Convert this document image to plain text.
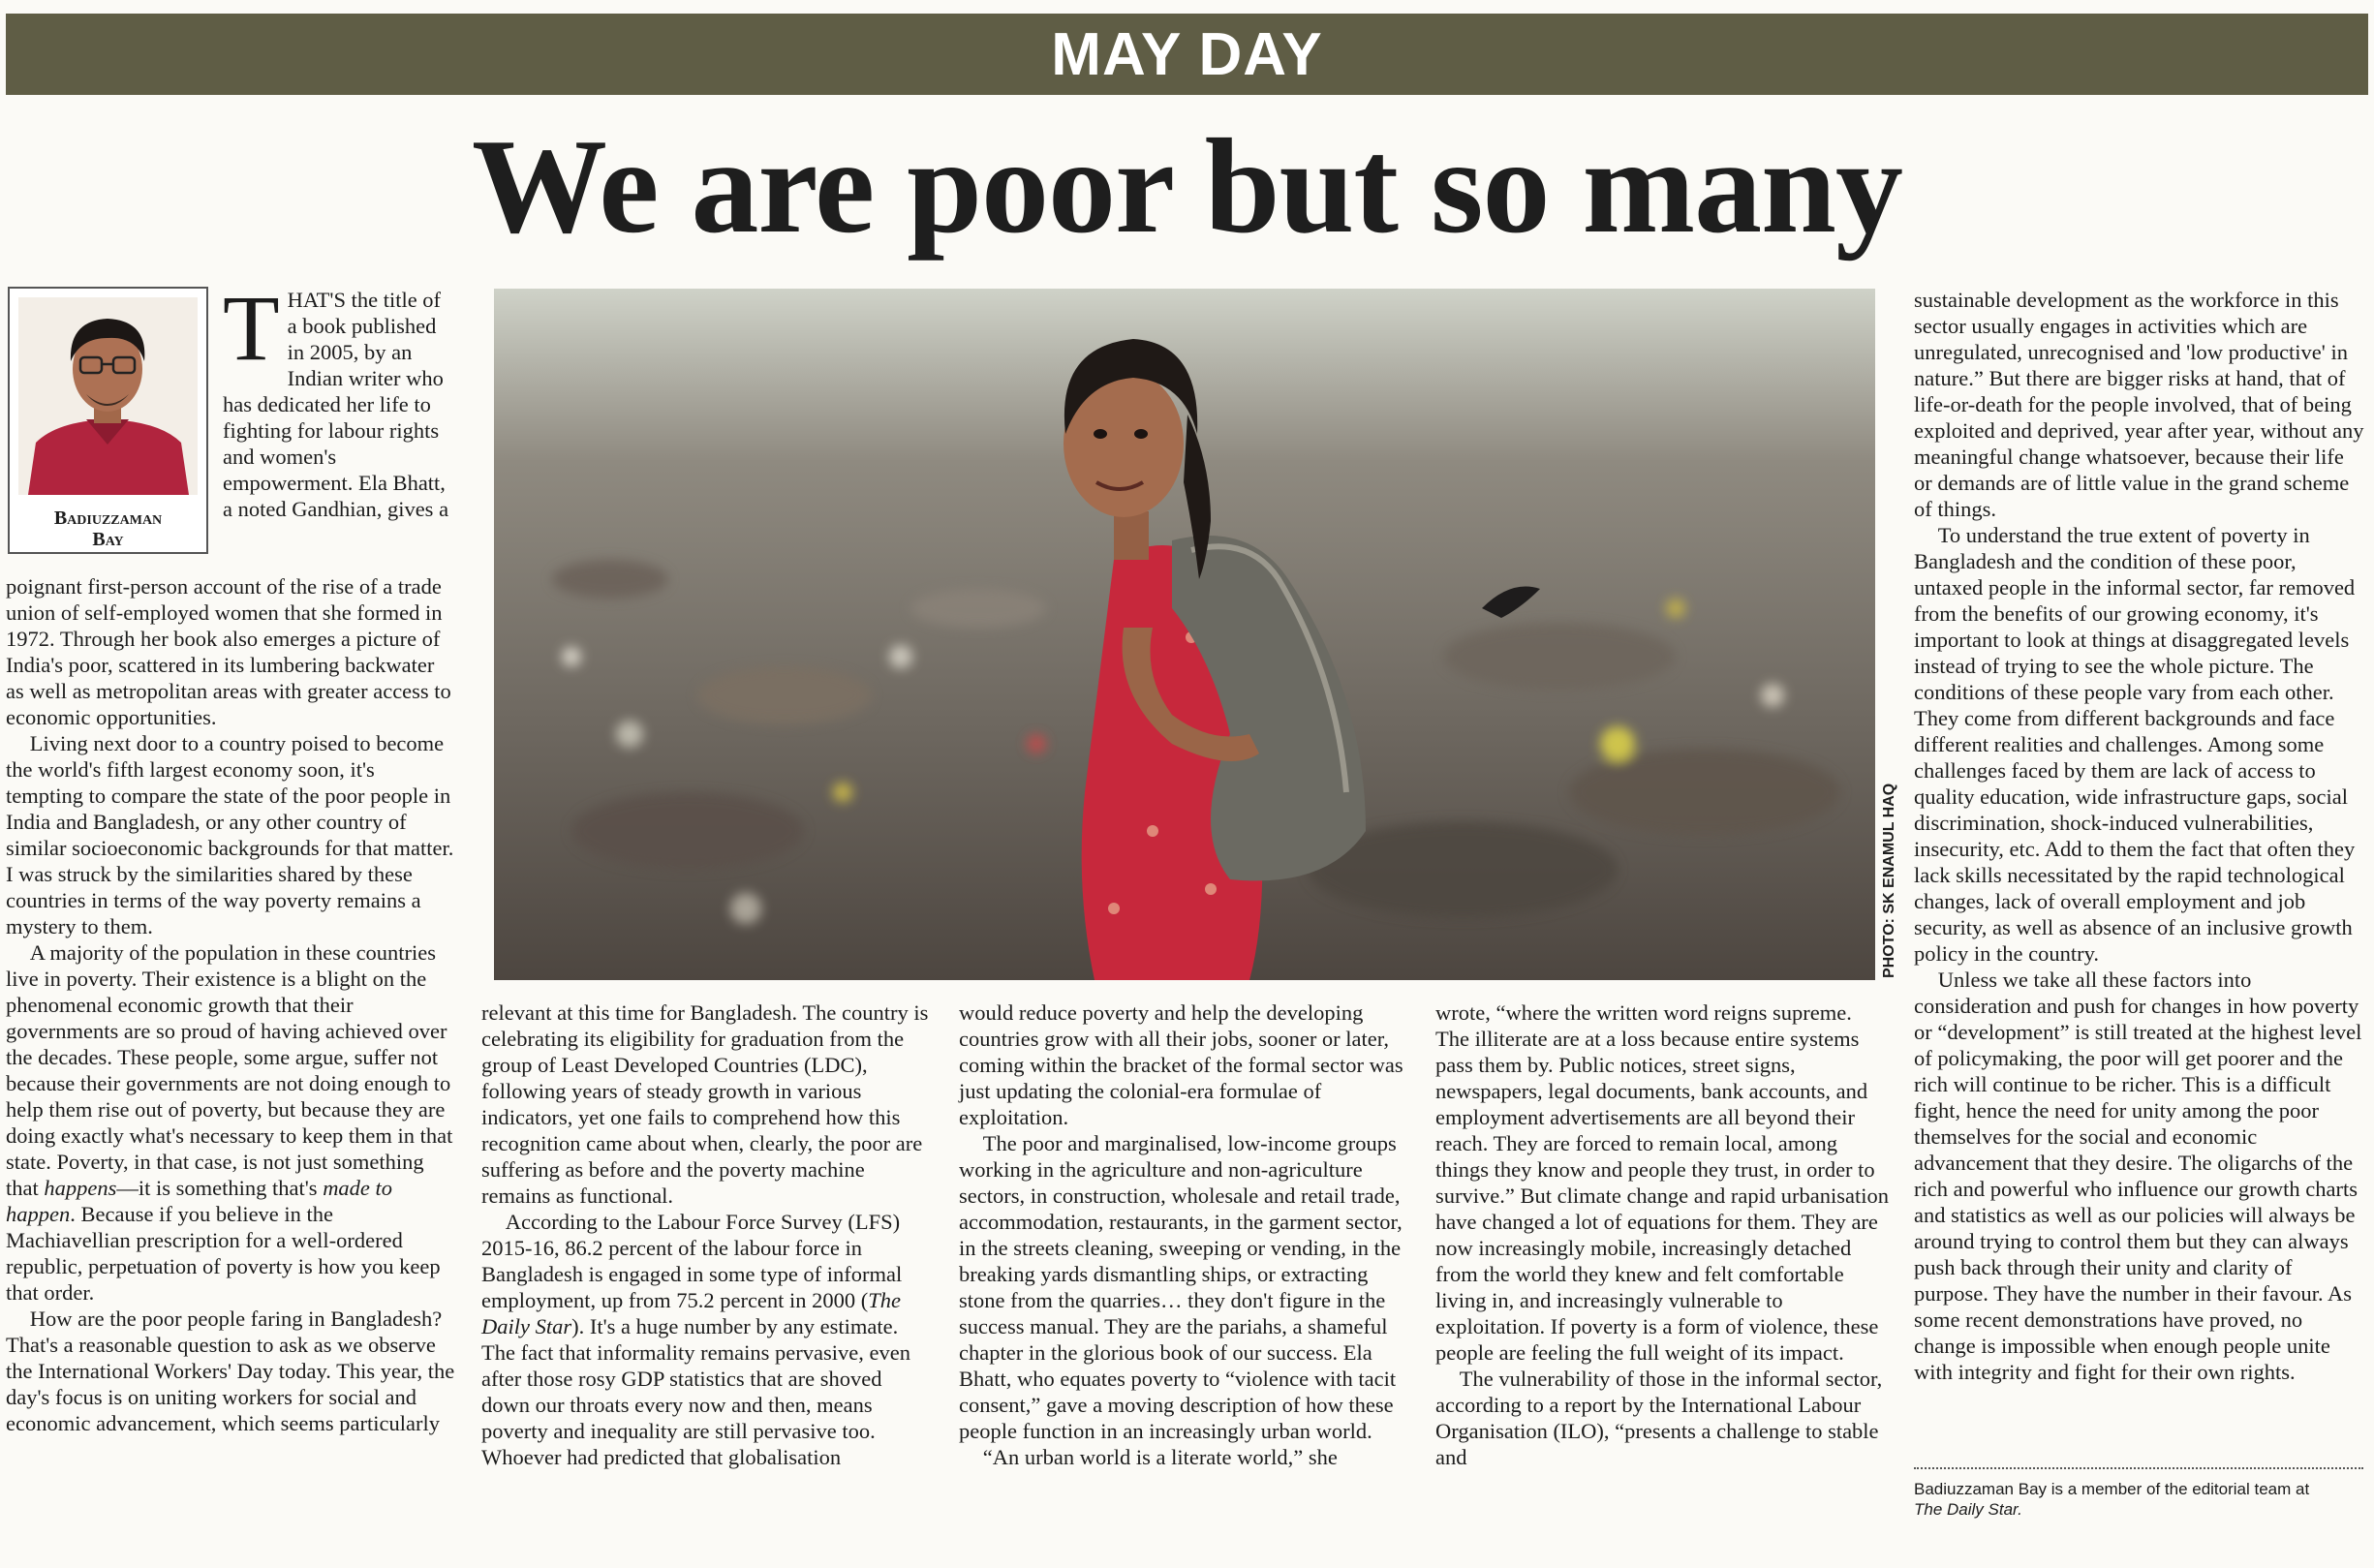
MAY DAY
We are poor but so many
Badiuzzaman
Bay
THAT'S the title of a book published in 2005, by an Indian writer who has dedicated her life to fighting for labour rights and women's empowerment. Ela Bhatt, a noted Gandhian, gives a

poignant first-person account of the rise of a trade union of self-employed women that she formed in 1972. Through her book also emerges a picture of India's poor, scattered in its lumbering backwater as well as metropolitan areas with greater access to economic opportunities.

Living next door to a country poised to become the world's fifth largest economy soon, it's tempting to compare the state of the poor people in India and Bangladesh, or any other country of similar socioeconomic backgrounds for that matter. I was struck by the similarities shared by these countries in terms of the way poverty remains a mystery to them.

A majority of the population in these countries live in poverty. Their existence is a blight on the phenomenal economic growth that their governments are so proud of having achieved over the decades. These people, some argue, suffer not because their governments are not doing enough to help them rise out of poverty, but because they are doing exactly what's necessary to keep them in that state. Poverty, in that case, is not just something that happens—it is something that's made to happen. Because if you believe in the Machiavellian prescription for a well-ordered republic, perpetuation of poverty is how you keep that order.

How are the poor people faring in Bangladesh? That's a reasonable question to ask as we observe the International Workers' Day today. This year, the day's focus is on uniting workers for social and economic advancement, which seems particularly

PHOTO: SK ENAMUL HAQ

relevant at this time for Bangladesh. The country is celebrating its eligibility for graduation from the group of Least Developed Countries (LDC), following years of steady growth in various indicators, yet one fails to comprehend how this recognition came about when, clearly, the poor are suffering as before and the poverty machine remains as functional.

According to the Labour Force Survey (LFS) 2015-16, 86.2 percent of the labour force in Bangladesh is engaged in some type of informal employment, up from 75.2 percent in 2000 (The Daily Star). It's a huge number by any estimate. The fact that informality remains pervasive, even after those rosy GDP statistics that are shoved down our throats every now and then, means poverty and inequality are still pervasive too. Whoever had predicted that globalisation

would reduce poverty and help the developing countries grow with all their jobs, sooner or later, coming within the bracket of the formal sector was just updating the colonial-era formulae of exploitation.

The poor and marginalised, low-income groups working in the agriculture and non-agriculture sectors, in construction, wholesale and retail trade, accommodation, restaurants, in the garment sector, in the streets cleaning, sweeping or vending, in the breaking yards dismantling ships, or extracting stone from the quarries… they don't figure in the success manual. They are the pariahs, a shameful chapter in the glorious book of our success. Ela Bhatt, who equates poverty to “violence with tacit consent,” gave a moving description of how these people function in an increasingly urban world.

“An urban world is a literate world,” she

wrote, “where the written word reigns supreme. The illiterate are at a loss because entire systems pass them by. Public notices, street signs, newspapers, legal documents, bank accounts, and employment advertisements are all beyond their reach. They are forced to remain local, among things they know and people they trust, in order to survive.” But climate change and rapid urbanisation have changed a lot of equations for them. They are now increasingly mobile, increasingly detached from the world they knew and felt comfortable living in, and increasingly vulnerable to exploitation. If poverty is a form of violence, these people are feeling the full weight of its impact.

The vulnerability of those in the informal sector, according to a report by the International Labour Organisation (ILO), “presents a challenge to stable and

sustainable development as the workforce in this sector usually engages in activities which are unregulated, unrecognised and 'low productive' in nature.” But there are bigger risks at hand, that of life-or-death for the people involved, that of being exploited and deprived, year after year, without any meaningful change whatsoever, because their life or demands are of little value in the grand scheme of things.

To understand the true extent of poverty in Bangladesh and the condition of these poor, untaxed people in the informal sector, far removed from the benefits of our growing economy, it's important to look at things at disaggregated levels instead of trying to see the whole picture. The conditions of these people vary from each other. They come from different backgrounds and face different realities and challenges. Among some challenges faced by them are lack of access to quality education, wide infrastructure gaps, social discrimination, shock-induced vulnerabilities, insecurity, etc. Add to them the fact that often they lack skills necessitated by the rapid technological changes, lack of overall employment and job security, as well as absence of an inclusive growth policy in the country.

Unless we take all these factors into consideration and push for changes in how poverty or “development” is still treated at the highest level of policymaking, the poor will get poorer and the rich will continue to be richer. This is a difficult fight, hence the need for unity among the poor themselves for the social and economic advancement that they desire. The oligarchs of the rich and powerful who influence our growth charts and statistics as well as our policies will always be around trying to control them but they can always push back through their unity and clarity of purpose. They have the number in their favour. As some recent demonstrations have proved, no change is impossible when enough people unite with integrity and fight for their own rights.

Badiuzzaman Bay is a member of the editorial team at
The Daily Star.
